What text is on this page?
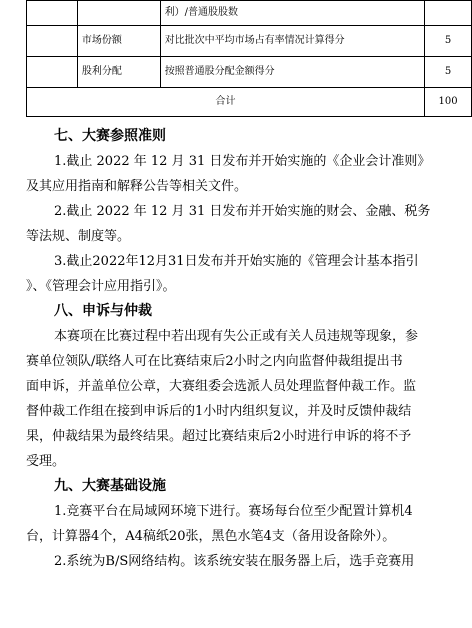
		利）/普通股股数	
	市场份额	对比批次中平均市场占有率情况计算得分	5
	股利分配	按照普通股分配金额得分	5
合计			100
七、大赛参照准则
1.截止 2022 年 12 月 31 日发布并开始实施的《企业会计准则》
及其应用指南和解释公告等相关文件。
2.截止 2022 年 12 月 31 日发布并开始实施的财会、金融、税务
等法规、制度等。
3.截止2022年12月31日发布并开始实施的《管理会计基本指引
》、《管理会计应用指引》。
八、申诉与仲裁
本赛项在比赛过程中若出现有失公正或有关人员违规等现象，参
赛单位领队/联络人可在比赛结束后2小时之内向监督仲裁组提出书
面申诉，并盖单位公章，大赛组委会选派人员处理监督仲裁工作。监
督仲裁工作组在接到申诉后的1小时内组织复议，并及时反馈仲裁结
果，仲裁结果为最终结果。超过比赛结束后2小时进行申诉的将不予
受理。
九、大赛基础设施
1.竞赛平台在局域网环境下进行。赛场每台位至少配置计算机4
台，计算器4个，A4稿纸20张，黑色水笔4支（备用设备除外）。
2.系统为B/S网络结构。该系统安装在服务器上后，选手竞赛用
